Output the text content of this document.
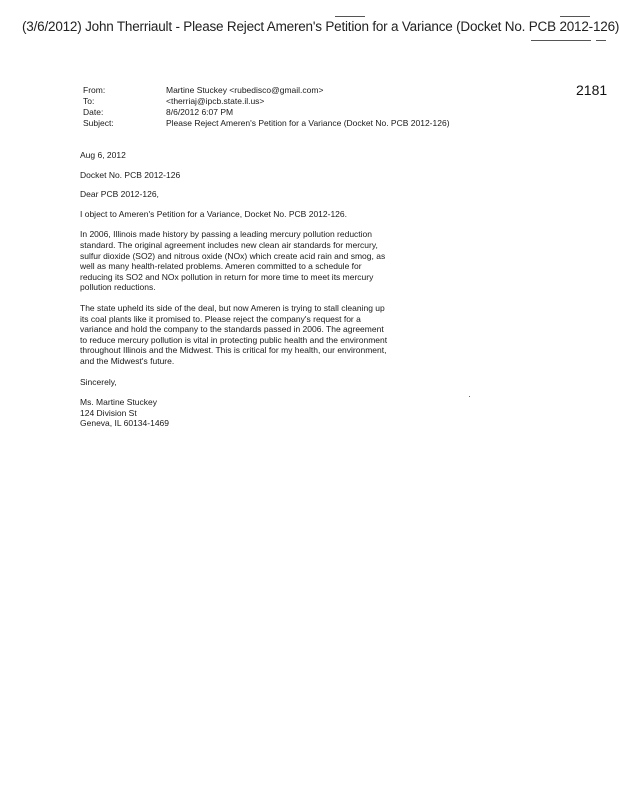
(3/6/2012) John Therriault - Please Reject Ameren's Petition for a Variance (Docket No. PCB 2012-126)
2181
From:	Martine Stuckey <rubedisco@gmail.com>
To:	<therriaj@ipcb.state.il.us>
Date:	8/6/2012 6:07 PM
Subject:	Please Reject Ameren's Petition for a Variance (Docket No. PCB 2012-126)

Aug 6, 2012

Docket No. PCB 2012-126

Dear PCB 2012-126,

I object to Ameren's Petition for a Variance, Docket No. PCB 2012-126.

In 2006, Illinois made history by passing a leading mercury pollution reduction standard. The original agreement includes new clean air standards for mercury, sulfur dioxide (SO2) and nitrous oxide (NOx) which create acid rain and smog, as well as many health-related problems. Ameren committed to a schedule for reducing its SO2 and NOx pollution in return for more time to meet its mercury pollution reductions.

The state upheld its side of the deal, but now Ameren is trying to stall cleaning up its coal plants like it promised to. Please reject the company's request for a variance and hold the company to the standards passed in 2006. The agreement to reduce mercury pollution is vital in protecting public health and the environment throughout Illinois and the Midwest. This is critical for my health, our environment, and the Midwest's future.

Sincerely,

Ms. Martine Stuckey
124 Division St
Geneva, IL 60134-1469
